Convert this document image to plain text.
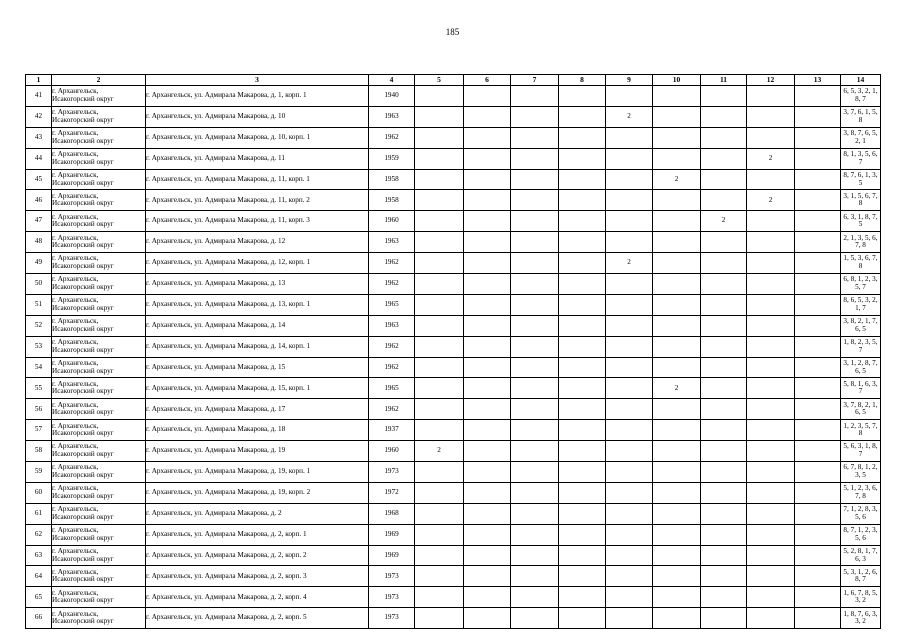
185
1	2	3	4	5	6	7	8	9	10	11	12	13	14
41	г. Архангельск,
Исакогорский округ	г. Архангельск, ул. Адмирала Макарова, д. 1, корп. 1	1940										6, 5, 3, 2, 1, 8, 7
42	г. Архангельск,
Исакогорский округ	г. Архангельск, ул. Адмирала Макарова, д. 10	1963					2					3, 7, 6, 1, 5, 8
43	г. Архангельск,
Исакогорский округ	г. Архангельск, ул. Адмирала Макарова, д. 10, корп. 1	1962										3, 8, 7, 6, 5, 2, 1
44	г. Архангельск,
Исакогорский округ	г. Архангельск, ул. Адмирала Макарова, д. 11	1959								2		8, 1, 3, 5, 6, 7
45	г. Архангельск,
Исакогорский округ	г. Архангельск, ул. Адмирала Макарова, д. 11, корп. 1	1958						2				8, 7, 6, 1, 3, 5
46	г. Архангельск,
Исакогорский округ	г. Архангельск, ул. Адмирала Макарова, д. 11, корп. 2	1958								2		3, 1, 5, 6, 7, 8
47	г. Архангельск,
Исакогорский округ	г. Архангельск, ул. Адмирала Макарова, д. 11, корп. 3	1960							2			6, 3, 1, 8, 7, 5
48	г. Архангельск,
Исакогорский округ	г. Архангельск, ул. Адмирала Макарова, д. 12	1963										2, 1, 3, 5, 6, 7, 8
49	г. Архангельск,
Исакогорский округ	г. Архангельск, ул. Адмирала Макарова, д. 12, корп. 1	1962					2					1, 5, 3, 6, 7, 8
50	г. Архангельск,
Исакогорский округ	г. Архангельск, ул. Адмирала Макарова, д. 13	1962										6, 8, 1, 2, 3, 5, 7
51	г. Архангельск,
Исакогорский округ	г. Архангельск, ул. Адмирала Макарова, д. 13, корп. 1	1965										8, 6, 5, 3, 2, 1, 7
52	г. Архангельск,
Исакогорский округ	г. Архангельск, ул. Адмирала Макарова, д. 14	1963										3, 8, 2, 1, 7, 6, 5
53	г. Архангельск,
Исакогорский округ	г. Архангельск, ул. Адмирала Макарова, д. 14, корп. 1	1962										1, 8, 2, 3, 5, 7
54	г. Архангельск,
Исакогорский округ	г. Архангельск, ул. Адмирала Макарова, д. 15	1962										3, 1, 2, 8, 7, 6, 5
55	г. Архангельск,
Исакогорский округ	г. Архангельск, ул. Адмирала Макарова, д. 15, корп. 1	1965						2				5, 8, 1, 6, 3, 7
56	г. Архангельск,
Исакогорский округ	г. Архангельск, ул. Адмирала Макарова, д. 17	1962										3, 7, 8, 2, 1, 6, 5
57	г. Архангельск,
Исакогорский округ	г. Архангельск, ул. Адмирала Макарова, д. 18	1937										1, 2, 3, 5, 7, 8
58	г. Архангельск,
Исакогорский округ	г. Архангельск, ул. Адмирала Макарова, д. 19	1960	2									5, 6, 3, 1, 8, 7
59	г. Архангельск,
Исакогорский округ	г. Архангельск, ул. Адмирала Макарова, д. 19, корп. 1	1973										6, 7, 8, 1, 2, 3, 5
60	г. Архангельск,
Исакогорский округ	г. Архангельск, ул. Адмирала Макарова, д. 19, корп. 2	1972										5, 1, 2, 3, 6, 7, 8
61	г. Архангельск,
Исакогорский округ	г. Архангельск, ул. Адмирала Макарова, д. 2	1968										7, 1, 2, 8, 3, 5, 6
62	г. Архангельск,
Исакогорский округ	г. Архангельск, ул. Адмирала Макарова, д. 2, корп. 1	1969										8, 7, 1, 2, 3, 5, 6
63	г. Архангельск,
Исакогорский округ	г. Архангельск, ул. Адмирала Макарова, д. 2, корп. 2	1969										5, 2, 8, 1, 7, 6, 3
64	г. Архангельск,
Исакогорский округ	г. Архангельск, ул. Адмирала Макарова, д. 2, корп. 3	1973										5, 3, 1, 2, 6, 8, 7
65	г. Архангельск,
Исакогорский округ	г. Архангельск, ул. Адмирала Макарова, д. 2, корп. 4	1973										1, 6, 7, 8, 5, 3, 2
66	г. Архангельск,
Исакогорский округ	г. Архангельск, ул. Адмирала Макарова, д. 2, корп. 5	1973										1, 8, 7, 6, 3, 3, 2
